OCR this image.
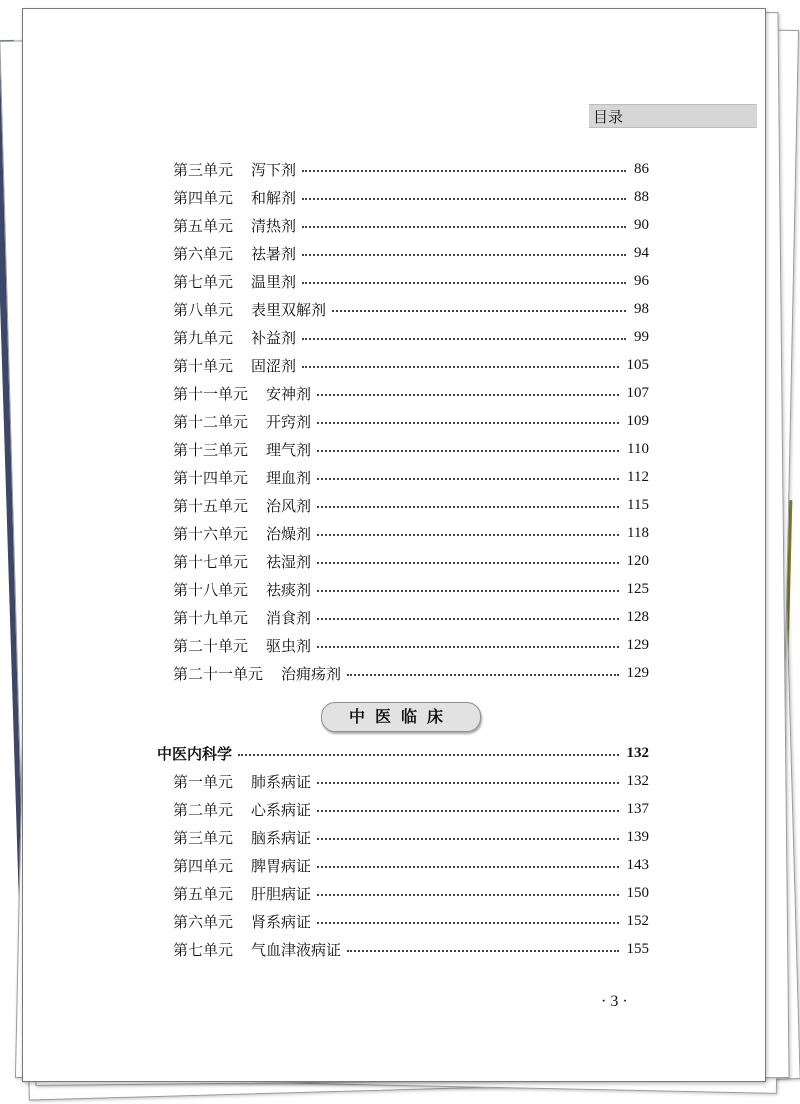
目录
第三单元 泻下剂	86
第四单元 和解剂	88
第五单元 清热剂	90
第六单元 祛暑剂	94
第七单元 温里剂	96
第八单元 表里双解剂	98
第九单元 补益剂	99
第十单元 固涩剂	105
第十一单元 安神剂	107
第十二单元 开窍剂	109
第十三单元 理气剂	110
第十四单元 理血剂	112
第十五单元 治风剂	115
第十六单元 治燥剂	118
第十七单元 祛湿剂	120
第十八单元 祛痰剂	125
第十九单元 消食剂	128
第二十单元 驱虫剂	129
第二十一单元 治痈疡剂	129
中医内科学	132
第一单元 肺系病证	132
第二单元 心系病证	137
第三单元 脑系病证	139
第四单元 脾胃病证	143
第五单元 肝胆病证	150
第六单元 肾系病证	152
第七单元 气血津液病证	155
中医临床
· 3 ·
